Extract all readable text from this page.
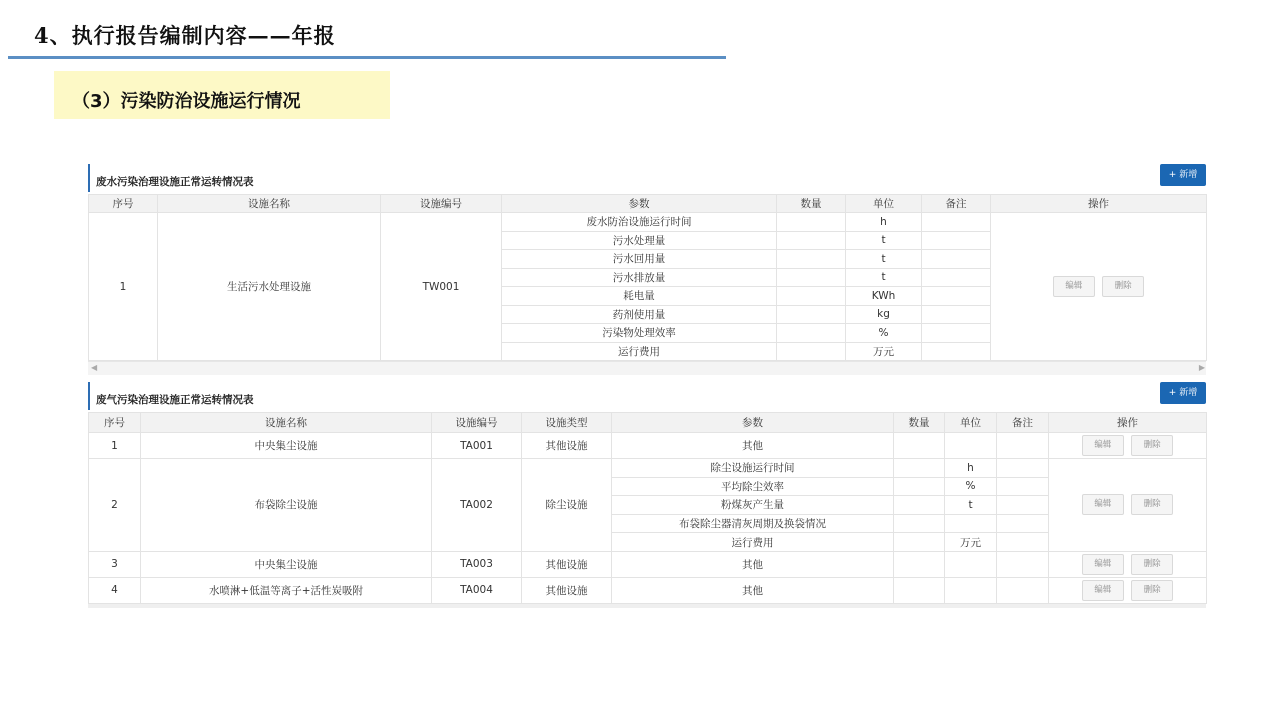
4、执行报告编制内容——年报
（3）污染防治设施运行情况
废水污染治理设施正常运转情况表
+ 新增
序号	设施名称	设施编号	参数	数量	单位	备注	操作
1	生活污水处理设施	TW001	废水防治设施运行时间		h		编辑 删除
			污水处理量		t		
			污水回用量		t		
			污水排放量		t		
			耗电量		KWh		
			药剂使用量		kg		
			污染物处理效率		%		
			运行费用		万元		
◀	▶
废气污染治理设施正常运转情况表
+ 新增
序号	设施名称	设施编号	设施类型	参数	数量	单位	备注	操作
1	中央集尘设施	TA001	其他设施	其他				编辑 删除
2	布袋除尘设施	TA002	除尘设施	除尘设施运行时间		h		编辑 删除
				平均除尘效率		%		
				粉煤灰产生量		t		
				布袋除尘器清灰周期及换袋情况				
				运行费用		万元		
3	中央集尘设施	TA003	其他设施	其他				编辑 删除
4	水喷淋+低温等离子+活性炭吸附	TA004	其他设施	其他				编辑 删除
